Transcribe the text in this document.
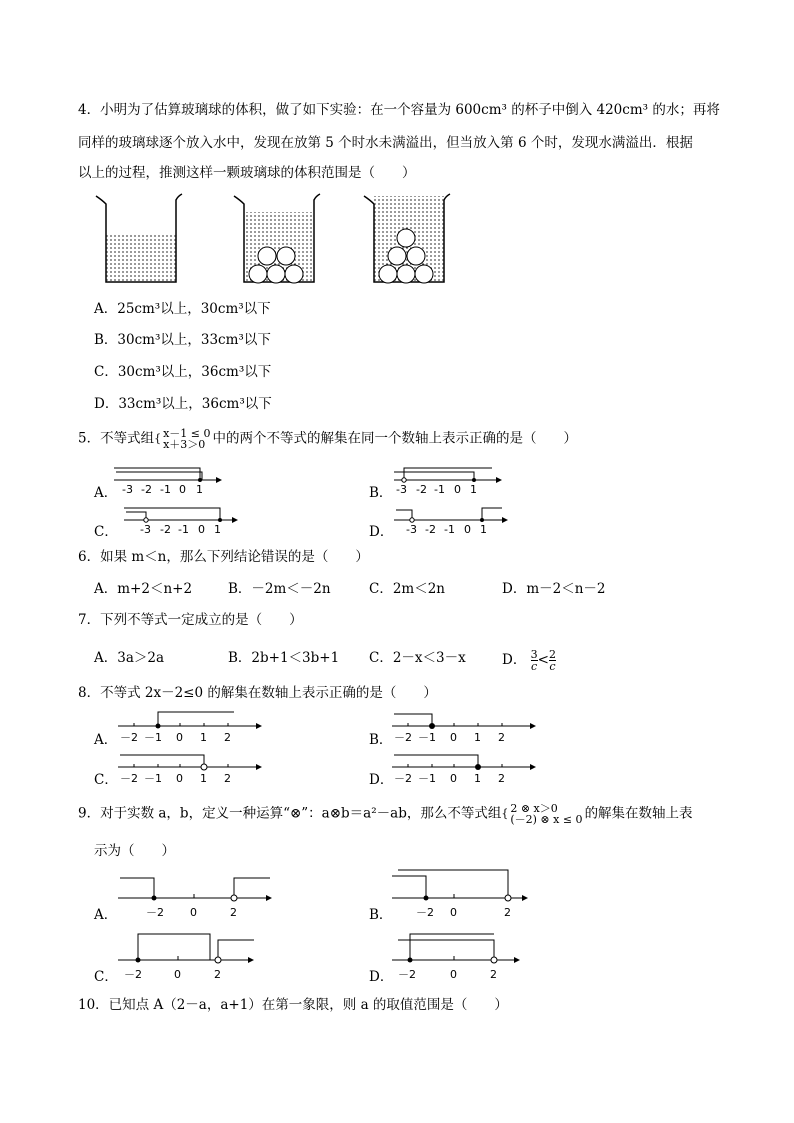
4．小明为了估算玻璃球的体积，做了如下实验：在一个容量为 600cm³ 的杯子中倒入 420cm³ 的水；再将
同样的玻璃球逐个放入水中，发现在放第 5 个时水未满溢出，但当放入第 6 个时，发现水满溢出．根据
以上的过程，推测这样一颗玻璃球的体积范围是（　　）
A．25cm³以上，30cm³以下
B．30cm³以上，33cm³以下
C．30cm³以上，36cm³以下
D．33cm³以上，36cm³以下
5．不等式组{ x－1 ≤ 0
x＋3＞0 中的两个不等式的解集在同一个数轴上表示正确的是（　　）
A．	B．
C．	D．
-3 -2 -1 0 1	-3 -2 -1 0 1
-3 -2 -1 0 1	-3 -2 -1 0 1
6．如果 m＜n，那么下列结论错误的是（　　）
A．m+2＜n+2	B．－2m＜－2n	C．2m＜2n	D．m－2＜n－2
7．下列不等式一定成立的是（　　）
A．3a＞2a	B．2b+1＜3b+1 C．2－x＜3－x	D． $\frac{3}{c} <\frac{2}{c}$
8．不等式 2x－2≤0 的解集在数轴上表示正确的是（　　）
A．	B．
C．	D．
－2 －1 0 1 2	－2 －1 0 1 2
－2 －1 0 1 2	－2 －1 0 1 2
9．对于实数 a，b，定义一种运算“⊗”：a⊗b＝a²－ab，那么不等式组{ 2 ⊗ x＞0
(－2) ⊗ x ≤ 0 的解集在数轴上表
示为（　　）
A．	B．
C．	D．
－2 0	2	－2 0	2
－2	0	2	－2	0	2
10．已知点 A（2－a，a+1）在第一象限，则 a 的取值范围是（　　）
